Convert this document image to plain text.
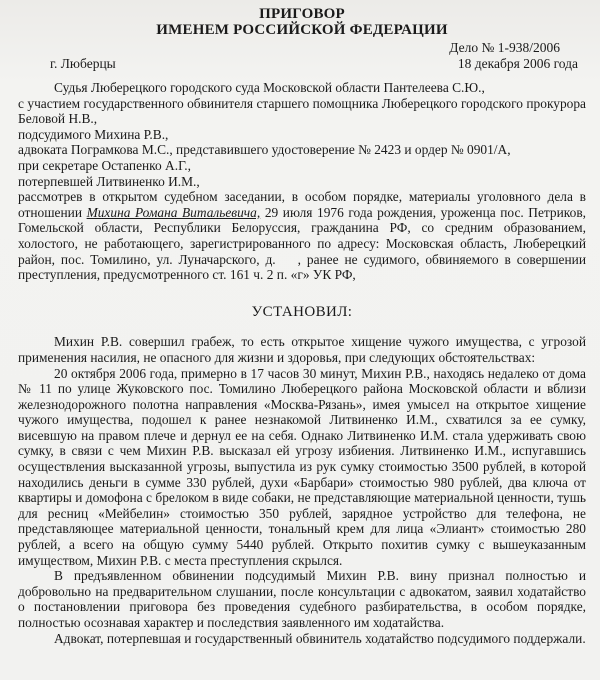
ПРИГОВОР
ИМЕНЕМ РОССИЙСКОЙ ФЕДЕРАЦИИ
г. Люберцы
Дело № 1-938/2006
18 декабря 2006 года

Судья Люберецкого городского суда Московской области Пантелеева С.Ю.,

с участием государственного обвинителя старшего помощника Люберецкого городского прокурора Беловой Н.В.,

подсудимого Михина Р.В.,

адвоката Пограмкова М.С., представившего удостоверение № 2423 и ордер № 0901/А,

при секретаре Остапенко А.Г.,

потерпевшей Литвиненко И.М.,

рассмотрев в открытом судебном заседании, в особом порядке, материалы уголовного дела в отношении Михина Романа Витальевича, 29 июля 1976 года рождения, уроженца пос. Петриков, Гомельской области, Республики Белоруссия, гражданина РФ, со средним образованием, холостого, не работающего, зарегистрированного по адресу: Московская область, Люберецкий район, пос. Томилино, ул. Луначарского, д. , ранее не судимого, обвиняемого в совершении преступления, предусмотренного ст. 161 ч. 2 п. «г» УК РФ,

УСТАНОВИЛ:

Михин Р.В. совершил грабеж, то есть открытое хищение чужого имущества, с угрозой применения насилия, не опасного для жизни и здоровья, при следующих обстоятельствах:

20 октября 2006 года, примерно в 17 часов 30 минут, Михин Р.В., находясь недалеко от дома № 11 по улице Жуковского пос. Томилино Люберецкого района Московской области и вблизи железнодорожного полотна направления «Москва-Рязань», имея умысел на открытое хищение чужого имущества, подошел к ранее незнакомой Литвиненко И.М., схватился за ее сумку, висевшую на правом плече и дернул ее на себя. Однако Литвиненко И.М. стала удерживать свою сумку, в связи с чем Михин Р.В. высказал ей угрозу избиения. Литвиненко И.М., испугавшись осуществления высказанной угрозы, выпустила из рук сумку стоимостью 3500 рублей, в которой находились деньги в сумме 330 рублей, духи «Барбари» стоимостью 980 рублей, два ключа от квартиры и домофона с брелоком в виде собаки, не представляющие материальной ценности, тушь для ресниц «Мейбелин» стоимостью 350 рублей, зарядное устройство для телефона, не представляющее материальной ценности, тональный крем для лица «Элиант» стоимостью 280 рублей, а всего на общую сумму 5440 рублей. Открыто похитив сумку с вышеуказанным имуществом, Михин Р.В. с места преступления скрылся.

В предъявленном обвинении подсудимый Михин Р.В. вину признал полностью и добровольно на предварительном слушании, после консультации с адвокатом, заявил ходатайство о постановлении приговора без проведения судебного разбирательства, в особом порядке, полностью осознавая характер и последствия заявленного им ходатайства.

Адвокат, потерпевшая и государственный обвинитель ходатайство подсудимого поддержали.
